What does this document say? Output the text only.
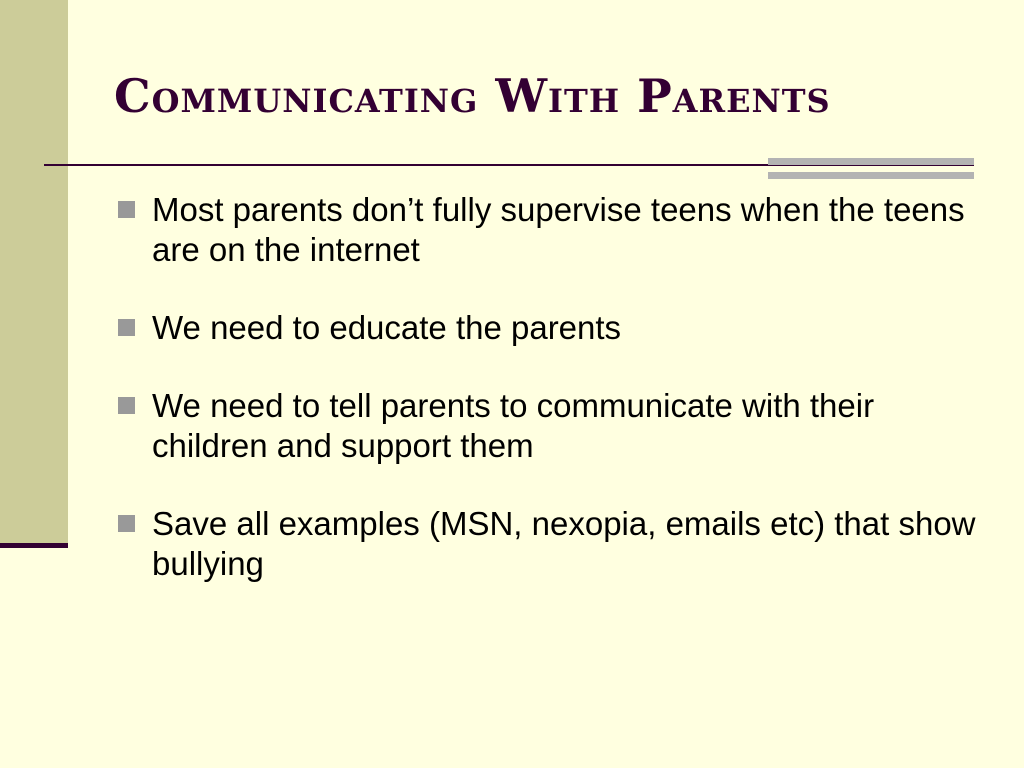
Communicating With Parents
Most parents don’t fully supervise teens when the teens are on the internet
We need to educate the parents
We need to tell parents to communicate with their children and support them
Save all examples (MSN, nexopia, emails etc) that show bullying
